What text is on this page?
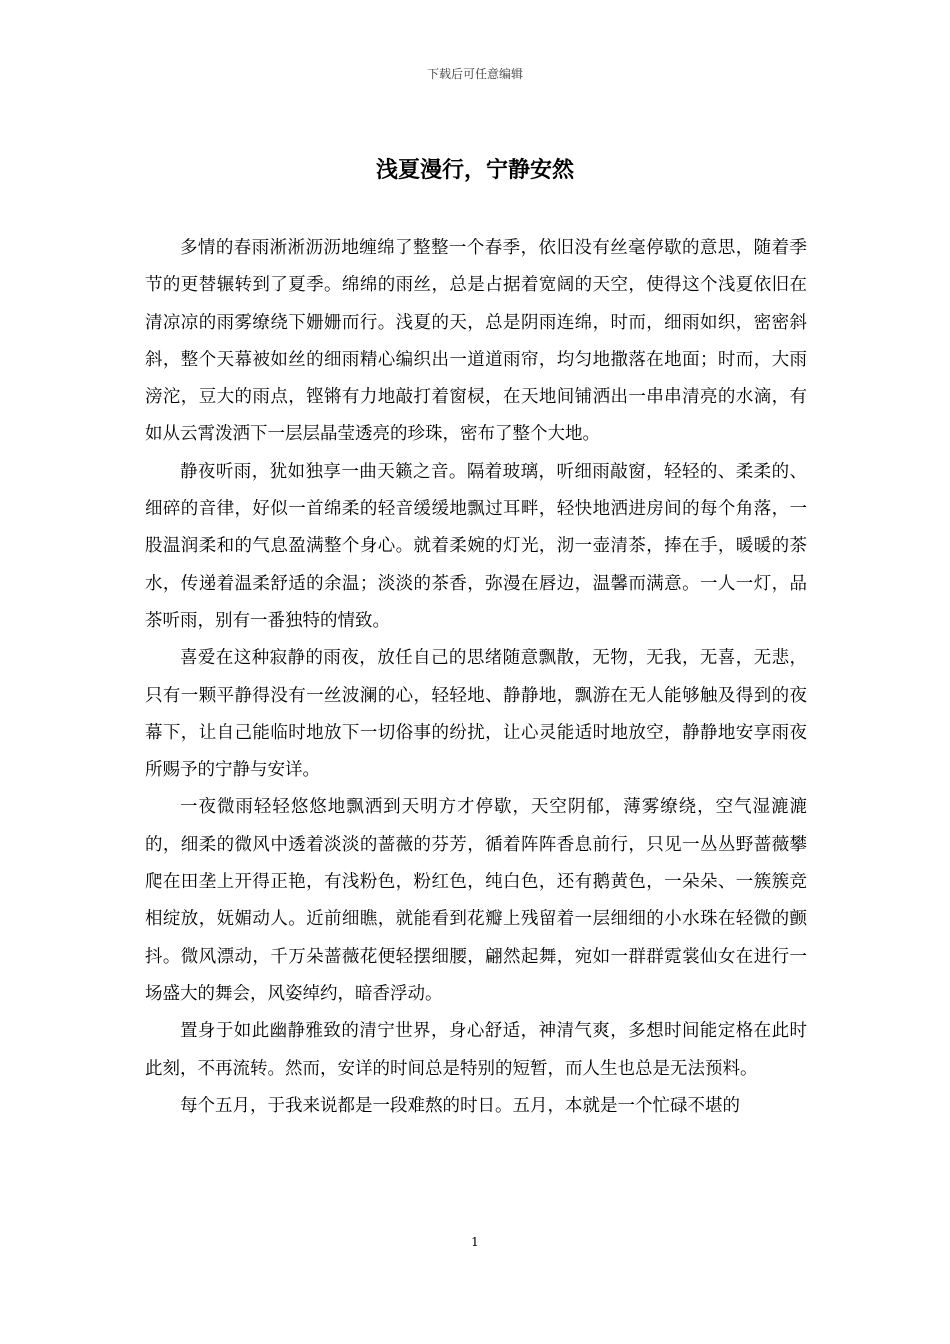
下载后可任意编辑
浅夏漫行，宁静安然

多情的春雨淅淅沥沥地缠绵了整整一个春季，依旧没有丝毫停歇的意思，随着季节的更替辗转到了夏季。绵绵的雨丝，总是占据着宽阔的天空，使得这个浅夏依旧在清凉凉的雨雾缭绕下姗姗而行。浅夏的天，总是阴雨连绵，时而，细雨如织，密密斜斜，整个天幕被如丝的细雨精心编织出一道道雨帘，均匀地撒落在地面；时而，大雨滂沱，豆大的雨点，铿锵有力地敲打着窗棂，在天地间铺洒出一串串清亮的水滴，有如从云霄泼洒下一层层晶莹透亮的珍珠，密布了整个大地。

静夜听雨，犹如独享一曲天籁之音。隔着玻璃，听细雨敲窗，轻轻的、柔柔的、细碎的音律，好似一首绵柔的轻音缓缓地飘过耳畔，轻快地洒进房间的每个角落，一股温润柔和的气息盈满整个身心。就着柔婉的灯光，沏一壶清茶，捧在手，暖暖的茶水，传递着温柔舒适的余温；淡淡的茶香，弥漫在唇边，温馨而满意。一人一灯，品茶听雨，别有一番独特的情致。

喜爱在这种寂静的雨夜，放任自己的思绪随意飘散，无物，无我，无喜，无悲，只有一颗平静得没有一丝波澜的心，轻轻地、静静地，飘游在无人能够触及得到的夜幕下，让自己能临时地放下一切俗事的纷扰，让心灵能适时地放空，静静地安享雨夜所赐予的宁静与安详。

一夜微雨轻轻悠悠地飘洒到天明方才停歇，天空阴郁，薄雾缭绕，空气湿漉漉的，细柔的微风中透着淡淡的蔷薇的芬芳，循着阵阵香息前行，只见一丛丛野蔷薇攀爬在田垄上开得正艳，有浅粉色，粉红色，纯白色，还有鹅黄色，一朵朵、一簇簇竞相绽放，妩媚动人。近前细瞧，就能看到花瓣上残留着一层细细的小水珠在轻微的颤抖。微风漂动，千万朵蔷薇花便轻摆细腰，翩然起舞，宛如一群群霓裳仙女在进行一场盛大的舞会，风姿绰约，暗香浮动。

置身于如此幽静雅致的清宁世界，身心舒适，神清气爽，多想时间能定格在此时此刻，不再流转。然而，安详的时间总是特别的短暂，而人生也总是无法预料。

每个五月，于我来说都是一段难熬的时日。五月，本就是一个忙碌不堪的

1
